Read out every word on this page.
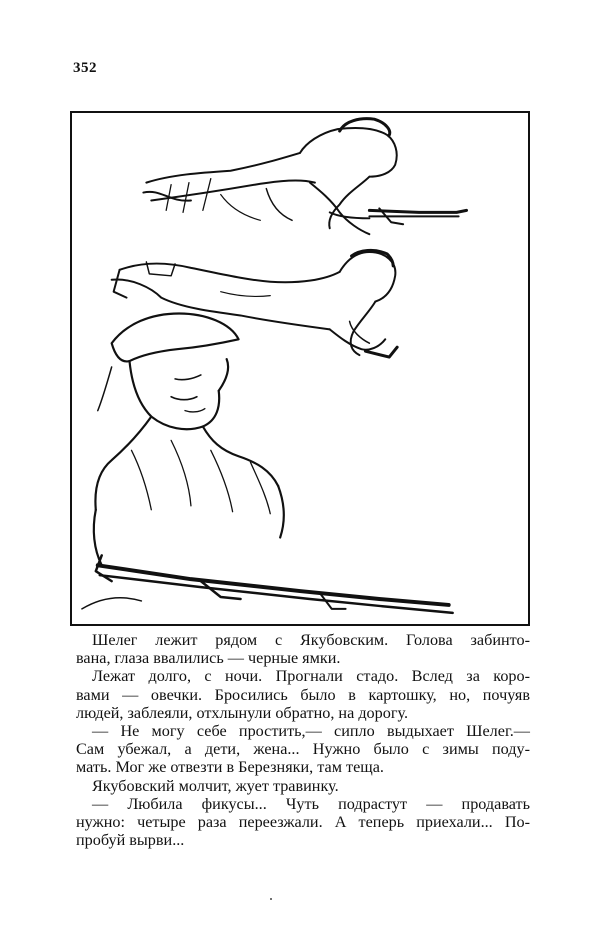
352
Шелег лежит рядом с Якубовским. Голова забинто-
вана, глаза ввалились — черные ямки.
Лежат долго, с ночи. Прогнали стадо. Вслед за коро-
вами — овечки. Бросились было в картошку, но, почуяв
людей, заблеяли, отхлынули обратно, на дорогу.
— Не могу себе простить,— сипло выдыхает Шелег.—
Сам убежал, а дети, жена... Нужно было с зимы поду-
мать. Мог же отвезти в Березняки, там теща.
Якубовский молчит, жует травинку.
— Любила фикусы... Чуть подрастут — продавать
нужно: четыре раза переезжали. А теперь приехали... По-
пробуй вырви...
